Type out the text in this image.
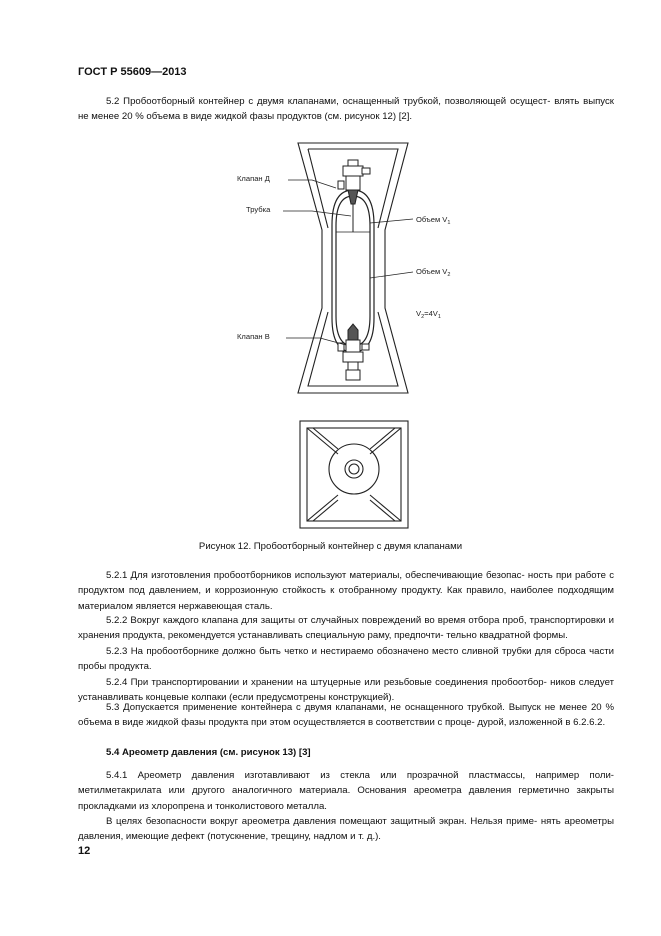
ГОСТ Р 55609—2013
5.2 Пробоотборный контейнер с двумя клапанами, оснащенный трубкой, позволяющей осущест- влять выпуск не менее 20 % объема в виде жидкой фазы продуктов (см. рисунок 12) [2].
Клапан Д
Трубка
Клапан В
Объем $V_1$
Объем $V_2$
$V_2=4V_1$
Рисунок 12. Пробоотборный контейнер с двумя клапанами
5.2.1 Для изготовления пробоотборников используют материалы, обеспечивающие безопас- ность при работе с продуктом под давлением, и коррозионную стойкость к отобранному продукту. Как правило, наиболее подходящим материалом является нержавеющая сталь.
5.2.2 Вокруг каждого клапана для защиты от случайных повреждений во время отбора проб, транспортировки и хранения продукта, рекомендуется устанавливать специальную раму, предпочти- тельно квадратной формы.
5.2.3 На пробоотборнике должно быть четко и нестираемо обозначено место сливной трубки для сброса части пробы продукта.
5.2.4 При транспортировании и хранении на штуцерные или резьбовые соединения пробоотбор- ников следует устанавливать концевые колпаки (если предусмотрены конструкцией).
5.3 Допускается применение контейнера с двумя клапанами, не оснащенного трубкой. Выпуск не менее 20 % объема в виде жидкой фазы продукта при этом осуществляется в соответствии с проце- дурой, изложенной в 6.2.6.2.
5.4 Ареометр давления (см. рисунок 13) [3]
5.4.1 Ареометр давления изготавливают из стекла или прозрачной пластмассы, например поли- метилметакрилата или другого аналогичного материала. Основания ареометра давления герметично закрыты прокладками из хлоропрена и тонколистового металла.
В целях безопасности вокруг ареометра давления помещают защитный экран. Нельзя приме- нять ареометры давления, имеющие дефект (потускнение, трещину, надлом и т. д.).
12
